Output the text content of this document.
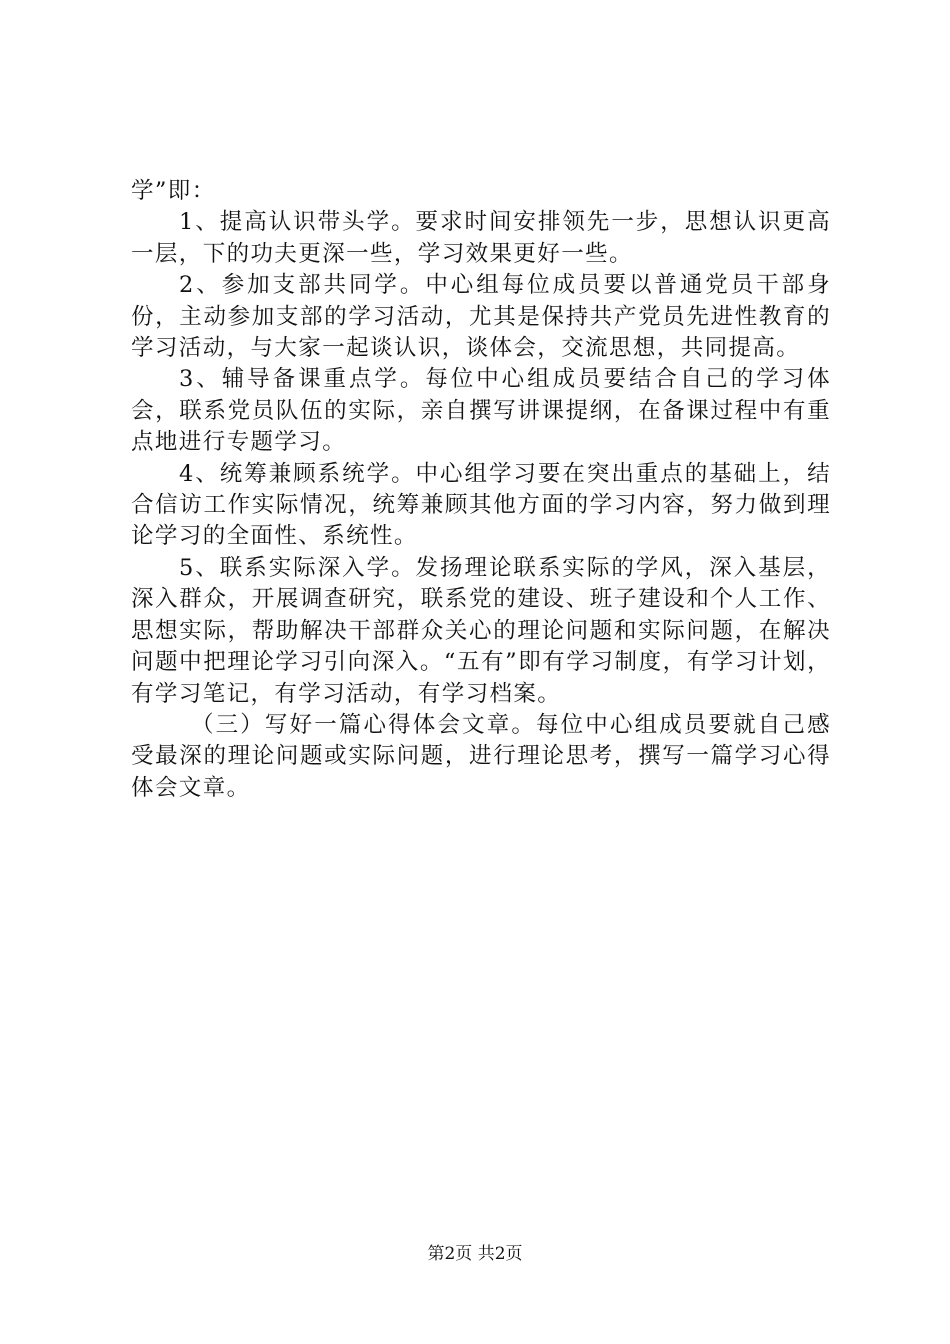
学”即：

1、提高认识带头学。要求时间安排领先一步，思想认识更高一层，下的功夫更深一些，学习效果更好一些。

2、参加支部共同学。中心组每位成员要以普通党员干部身份，主动参加支部的学习活动，尤其是保持共产党员先进性教育的学习活动，与大家一起谈认识，谈体会，交流思想，共同提高。

3、辅导备课重点学。每位中心组成员要结合自己的学习体会，联系党员队伍的实际，亲自撰写讲课提纲，在备课过程中有重点地进行专题学习。

4、统筹兼顾系统学。中心组学习要在突出重点的基础上，结合信访工作实际情况，统筹兼顾其他方面的学习内容，努力做到理论学习的全面性、系统性。

5、联系实际深入学。发扬理论联系实际的学风，深入基层，深入群众，开展调查研究，联系党的建设、班子建设和个人工作、思想实际，帮助解决干部群众关心的理论问题和实际问题，在解决问题中把理论学习引向深入。“五有”即有学习制度，有学习计划，有学习笔记，有学习活动，有学习档案。

（三）写好一篇心得体会文章。每位中心组成员要就自己感受最深的理论问题或实际问题，进行理论思考，撰写一篇学习心得体会文章。

第2页 共2页
